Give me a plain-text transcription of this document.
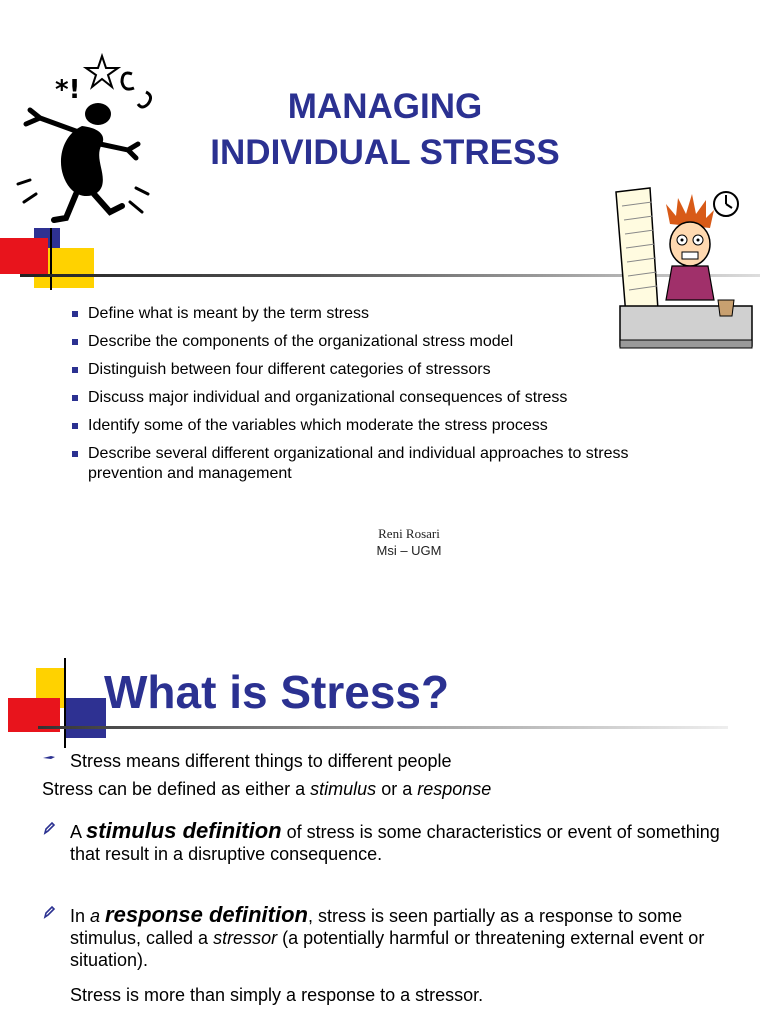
*!	MANAGING
INDIVIDUAL STRESS
Define what is meant by the term stress
Describe the components of the organizational stress model
Distinguish between four different categories of stressors
Discuss major individual and organizational consequences of stress
Identify some of the variables which moderate the stress process
Describe several different organizational and individual approaches to stress prevention and management
Reni Rosari
Msi – UGM
What is Stress?
Stress means different things to different people
Stress can be defined as either a stimulus or a response
A stimulus definition of stress is some characteristics or event of something that result in a disruptive consequence.
In a response definition, stress is seen partially as a response to some stimulus, called a stressor (a potentially harmful or threatening external event or situation).
Stress is more than simply a response to a stressor.
